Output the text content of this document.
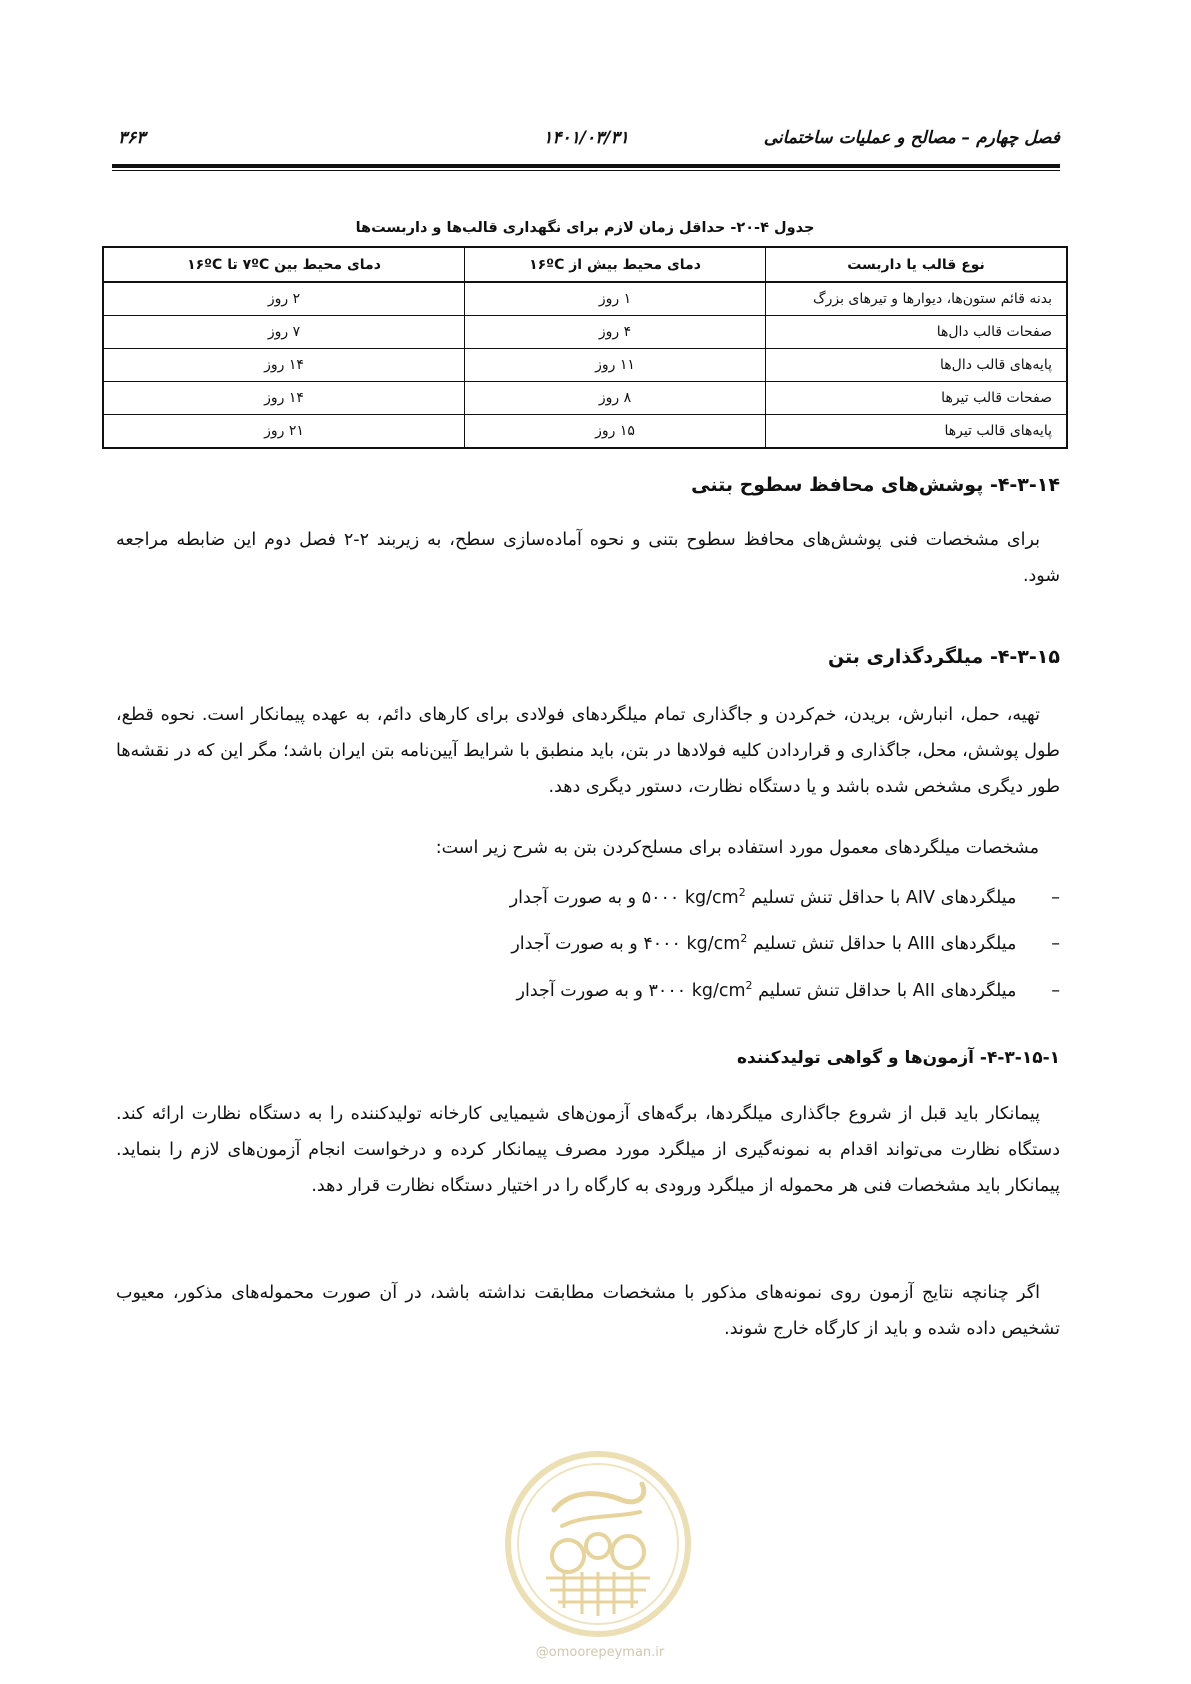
فصل چهارم – مصالح و عملیات ساختمانی
۱۴۰۱/۰۳/۳۱
۳۶۳
جدول ۴-۲۰- حداقل زمان لازم برای نگهداری قالب‌ها و داربست‌ها
نوع قالب یا داربست	دمای محیط بیش از ۱۶ºC	دمای محیط بین ۷ºC تا ۱۶ºC
بدنه قائم ستون‌ها، دیوارها و تیرهای بزرگ	۱ روز	۲ روز
صفحات قالب دال‌ها	۴ روز	۷ روز
پایه‌های قالب دال‌ها	۱۱ روز	۱۴ روز
صفحات قالب تیرها	۸ روز	۱۴ روز
پایه‌های قالب تیرها	۱۵ روز	۲۱ روز
۴-۳-۱۴- پوشش‌های محافظ سطوح بتنی
برای مشخصات فنی پوشش‌های محافظ سطوح بتنی و نحوه آماده‌سازی سطح، به زیربند ۲-۲ فصل دوم این ضابطه مراجعه شود.
۴-۳-۱۵- میلگردگذاری بتن
تهیه، حمل، انبارش، بریدن، خم‌کردن و جاگذاری تمام میلگردهای فولادی برای کارهای دائم، به عهده پیمانکار است. نحوه قطع، طول پوشش، محل، جاگذاری و قراردادن کلیه فولادها در بتن، باید منطبق با شرایط آیین‌نامه بتن ایران باشد؛ مگر این که در نقشه‌ها طور دیگری مشخص شده باشد و یا دستگاه نظارت، دستور دیگری دهد.
مشخصات میلگردهای معمول مورد استفاده برای مسلح‌کردن بتن به شرح زیر است:
– میلگردهای AIV با حداقل تنش تسلیم $kg/cm^2$ ۵۰۰۰ و به صورت آجدار
– میلگردهای AIII با حداقل تنش تسلیم $kg/cm^2$ ۴۰۰۰ و به صورت آجدار
– میلگردهای AII با حداقل تنش تسلیم $kg/cm^2$ ۳۰۰۰ و به صورت آجدار
۴-۳-۱۵-۱- آزمون‌ها و گواهی تولیدکننده
پیمانکار باید قبل از شروع جاگذاری میلگردها، برگه‌های آزمون‌های شیمیایی کارخانه تولیدکننده را به دستگاه نظارت ارائه کند. دستگاه نظارت می‌تواند اقدام به نمونه‌گیری از میلگرد مورد مصرف پیمانکار کرده و درخواست انجام آزمون‌های لازم را بنماید. پیمانکار باید مشخصات فنی هر محموله از میلگرد ورودی به کارگاه را در اختیار دستگاه نظارت قرار دهد.
اگر چنانچه نتایج آزمون روی نمونه‌های مذکور با مشخصات مطابقت نداشته باشد، در آن صورت محموله‌های مذکور، معیوب تشخیص داده شده و باید از کارگاه خارج شوند.
@omoorepeyman.ir
